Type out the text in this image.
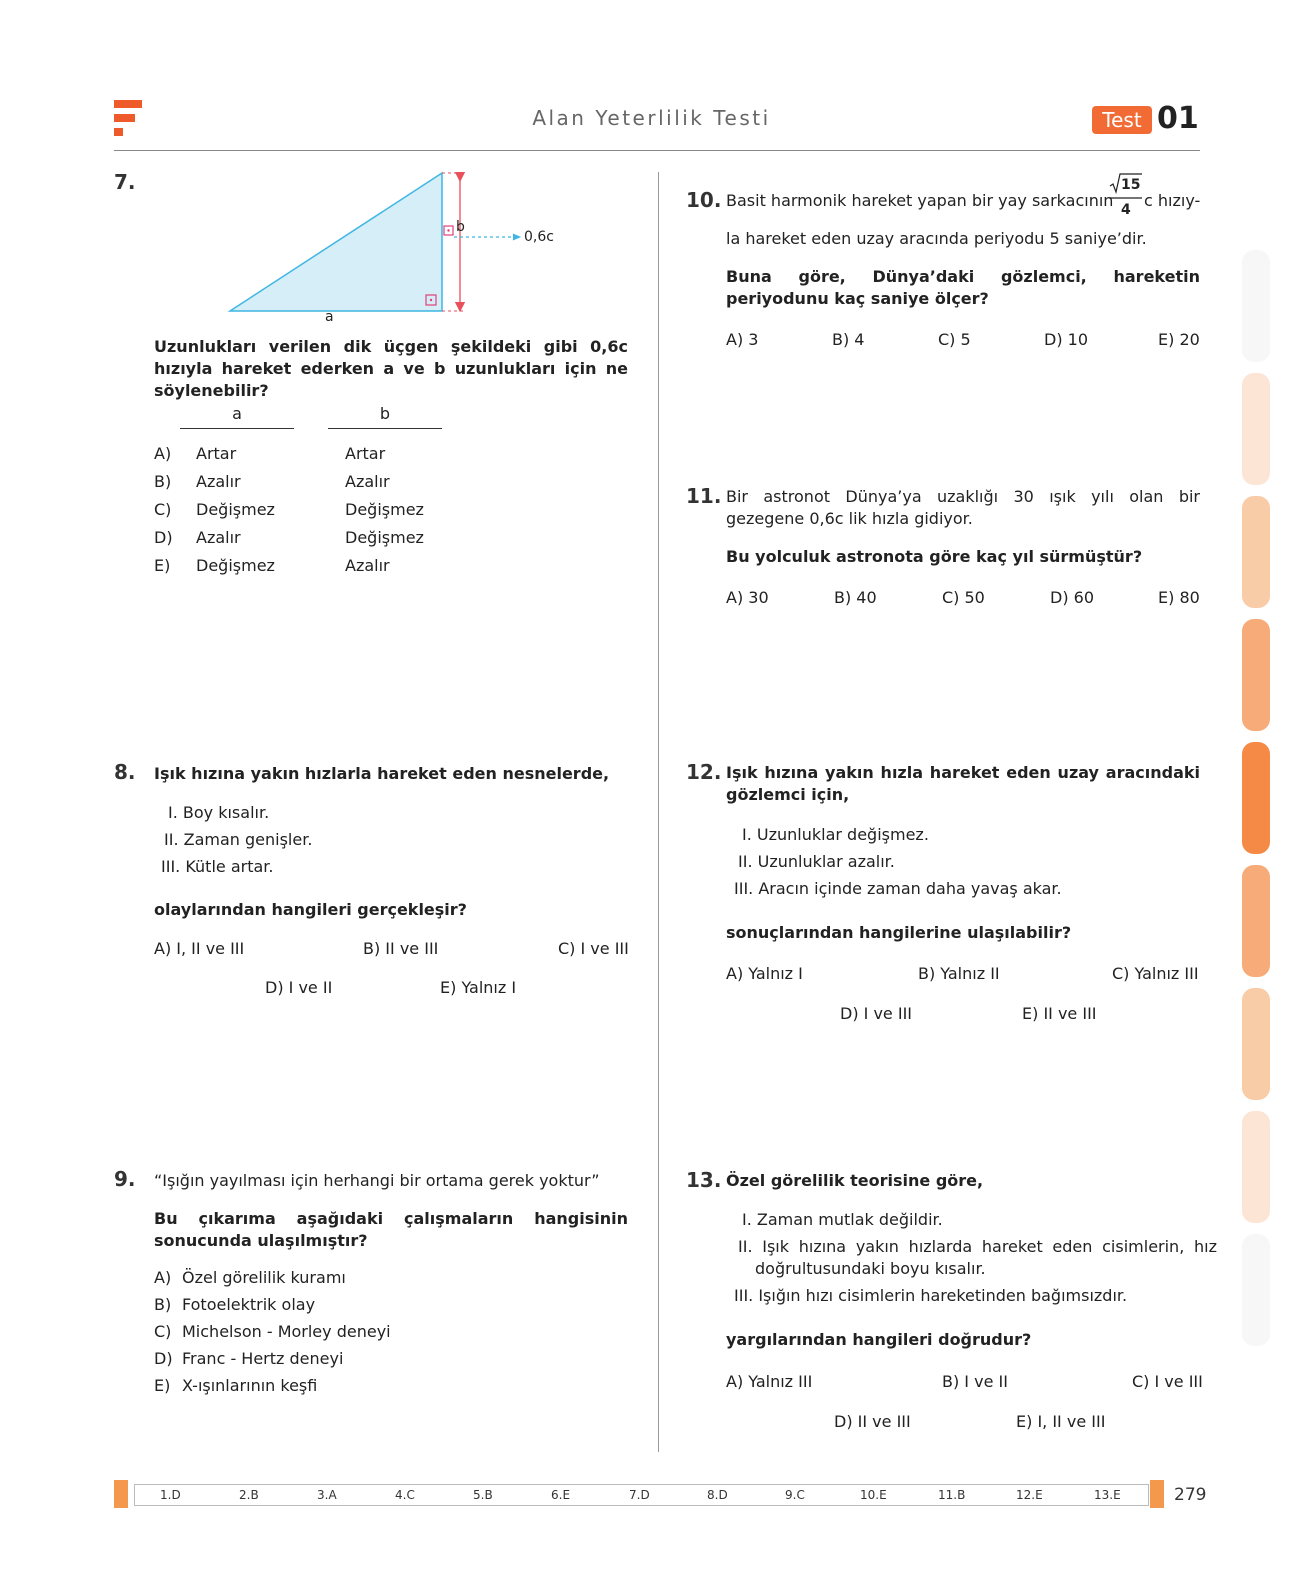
Alan Yeterlilik Testi	Test 01
7.
b
0,6c
a
Uzunlukları verilen dik üçgen şekildeki gibi 0,6c hızıyla hareket ederken a ve b uzunlukları için ne söylenebilir?
a	b
A) Artar	Artar
B) Azalır	Azalır
C) Değişmez	Değişmez
D) Azalır	Değişmez
E) Değişmez	Azalır
8. Işık hızına yakın hızlarla hareket eden nesnelerde,
I. Boy kısalır.
II. Zaman genişler.
III. Kütle artar.
olaylarından hangileri gerçekleşir?
A) I, II ve III	B) II ve III	C) I ve III
D) I ve II	E) Yalnız I
9. “Işığın yayılması için herhangi bir ortama gerek yoktur”
Bu çıkarıma aşağıdaki çalışmaların hangisinin sonucunda ulaşılmıştır?
A) Özel görelilik kuramı
B) Fotoelektrik olay
C) Michelson - Morley deneyi
D) Franc - Hertz deneyi
E) X-ışınlarının keşfi
10. Basit harmonik hareket yapan bir yay sarkacının
15
4 c hızıy-
la hareket eden uzay aracında periyodu 5 saniye’dir.
Buna göre, Dünya’daki gözlemci, hareketin periyodunu kaç saniye ölçer?
A) 3	B) 4	C) 5	D) 10	E) 20
11. Bir astronot Dünya’ya uzaklığı 30 ışık yılı olan bir gezegene 0,6c lik hızla gidiyor.
Bu yolculuk astronota göre kaç yıl sürmüştür?
A) 30	B) 40	C) 50	D) 60	E) 80
12. Işık hızına yakın hızla hareket eden uzay aracındaki gözlemci için,
I. Uzunluklar değişmez.
II. Uzunluklar azalır.
III. Aracın içinde zaman daha yavaş akar.
sonuçlarından hangilerine ulaşılabilir?
A) Yalnız I	B) Yalnız II	C) Yalnız III
D) I ve III	E) II ve III
13. Özel görelilik teorisine göre,
I. Zaman mutlak değildir.
II. Işık hızına yakın hızlarda hareket eden cisimlerin, hız doğrultusundaki boyu kısalır.
III. Işığın hızı cisimlerin hareketinden bağımsızdır.
yargılarından hangileri doğrudur?
A) Yalnız III	B) I ve II	C) I ve III
D) II ve III	E) I, II ve III
1.D	2.B	3.A	4.C	5.B	6.E	7.D	8.D	9.C	10.E	11.B	12.E	13.E	279
